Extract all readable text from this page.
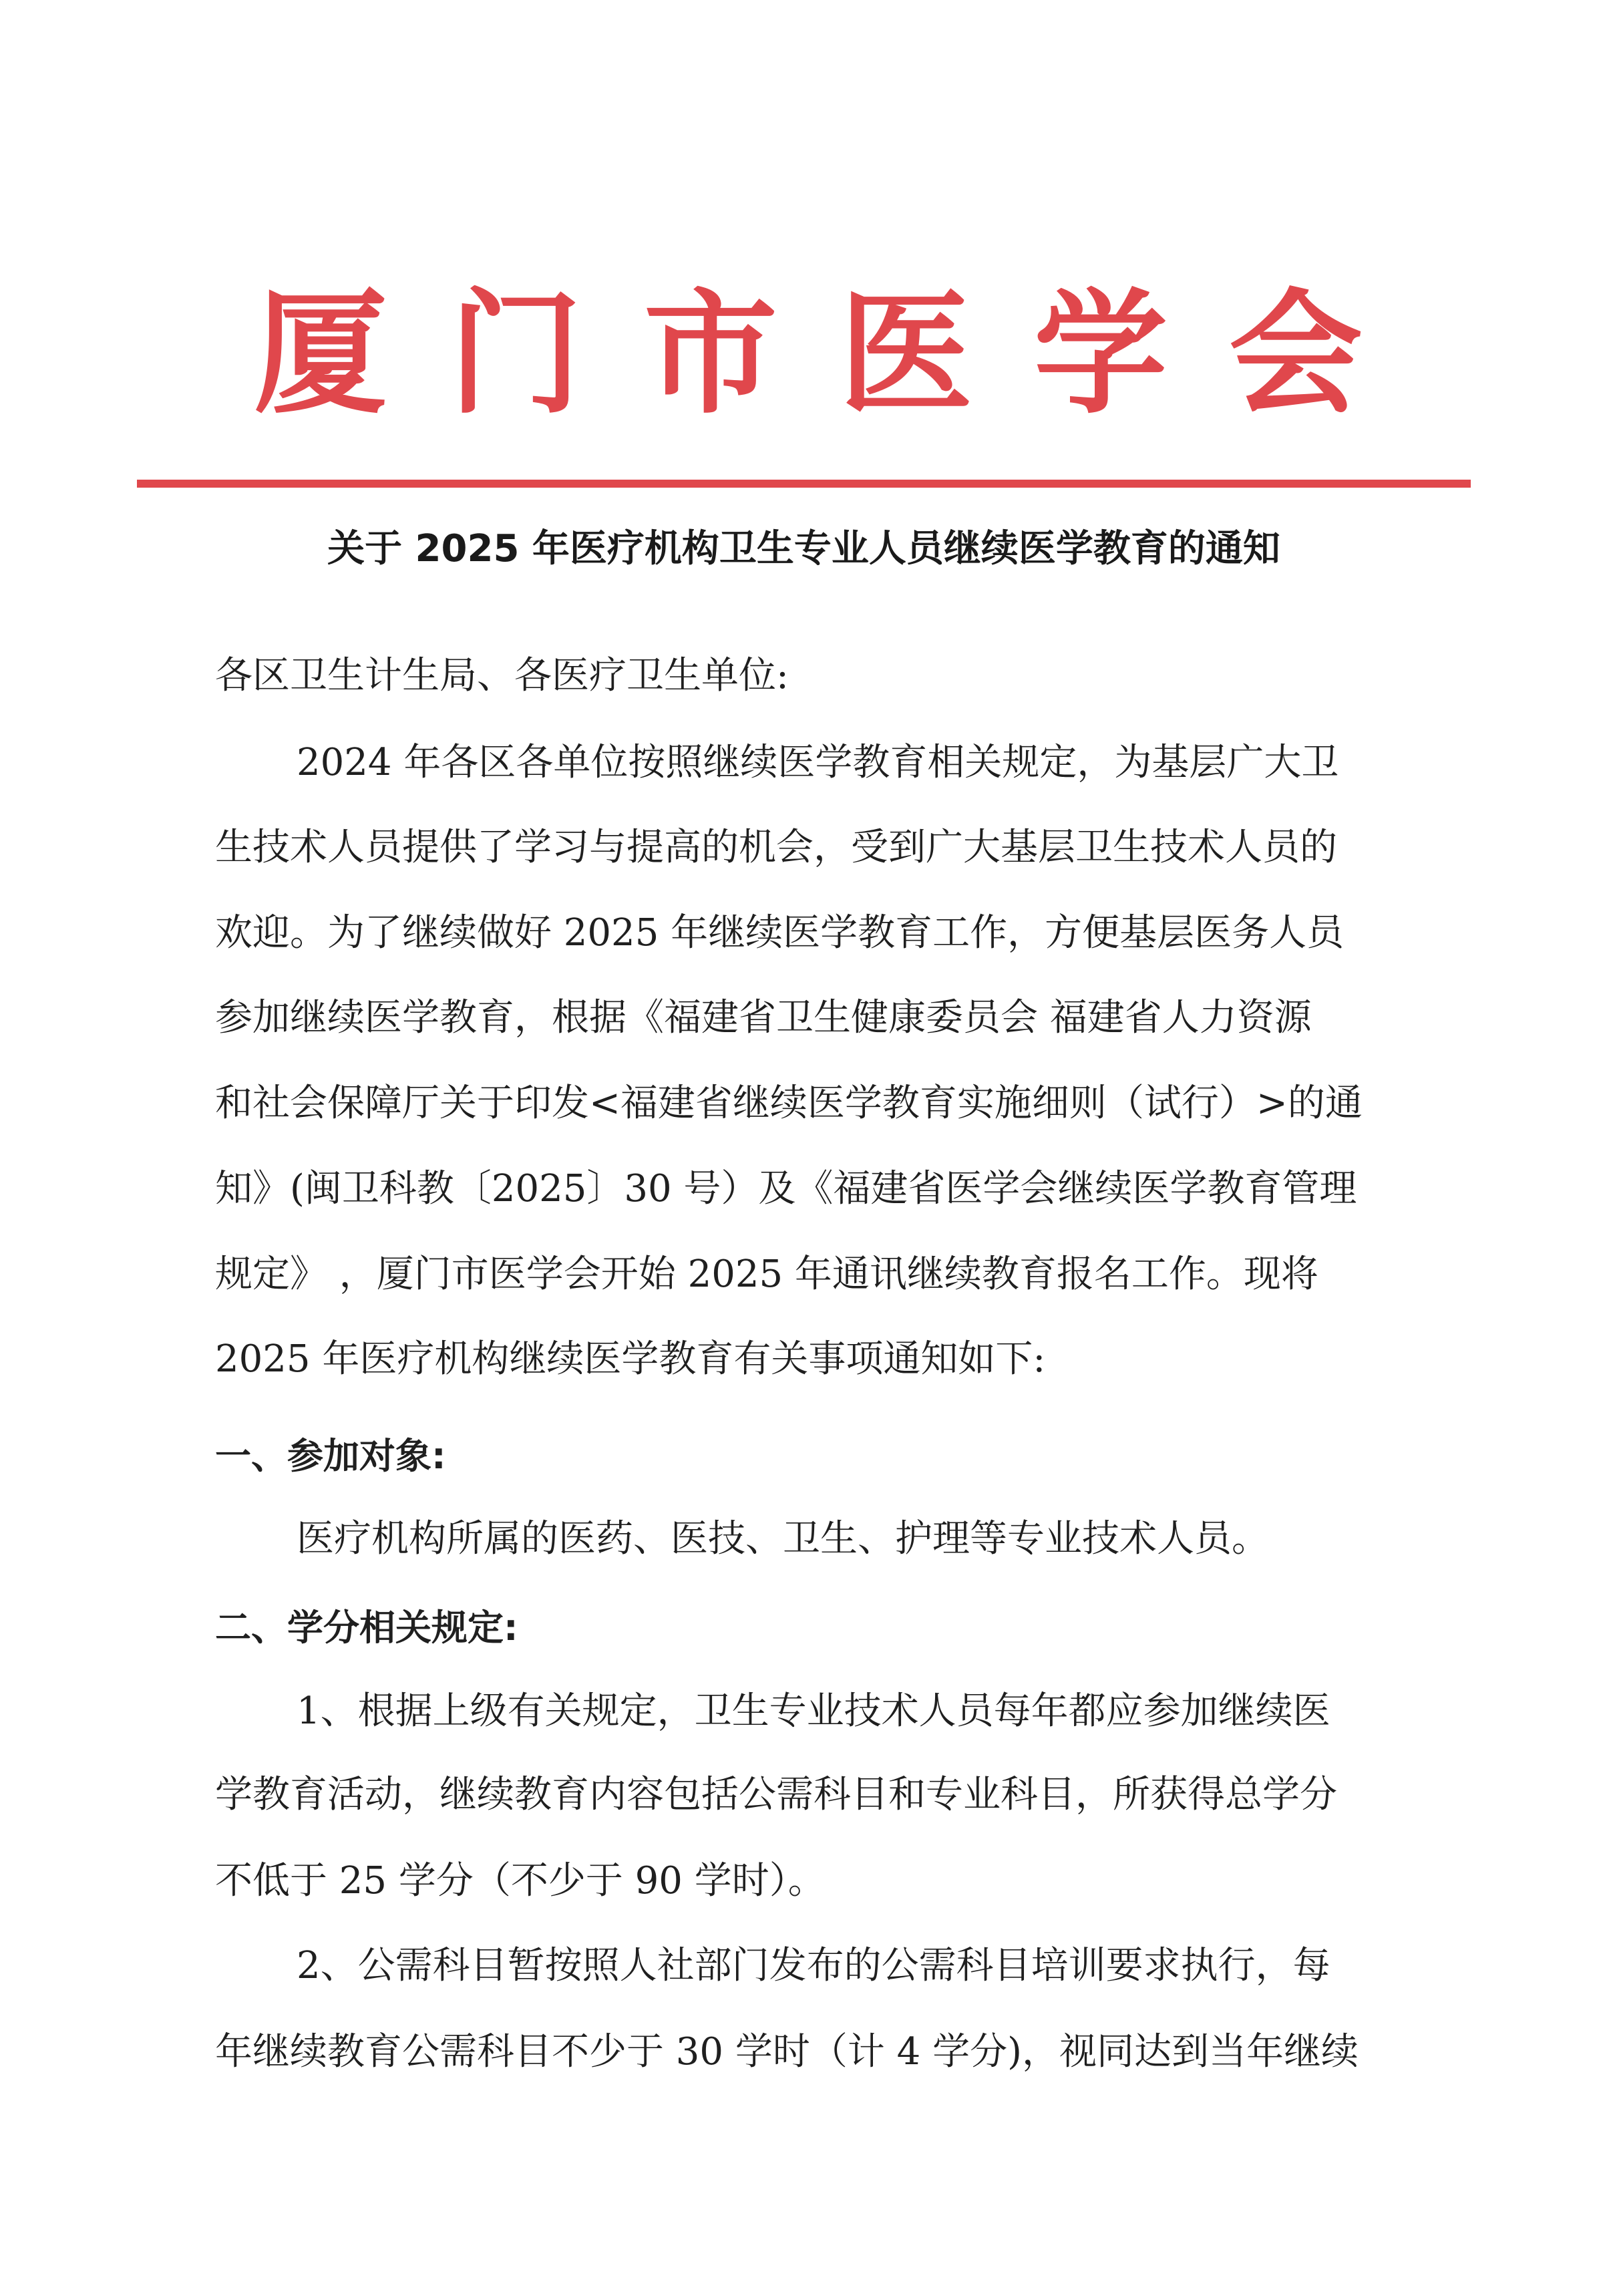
厦 门 市 医 学 会
关于 2025 年医疗机构卫生专业人员继续医学教育的通知
各区卫生计生局、各医疗卫生单位:
2024 年各区各单位按照继续医学教育相关规定，为基层广大卫
生技术人员提供了学习与提高的机会，受到广大基层卫生技术人员的
欢迎。为了继续做好 2025 年继续医学教育工作，方便基层医务人员
参加继续医学教育，根据《福建省卫生健康委员会 福建省人力资源
和社会保障厅关于印发<福建省继续医学教育实施细则（试行）>的通
知》(闽卫科教〔2025〕30 号）及《福建省医学会继续医学教育管理
规定》 ，厦门市医学会开始 2025 年通讯继续教育报名工作。现将
2025 年医疗机构继续医学教育有关事项通知如下:
一、参加对象:
医疗机构所属的医药、医技、卫生、护理等专业技术人员。
二、学分相关规定:
1、根据上级有关规定，卫生专业技术人员每年都应参加继续医
学教育活动，继续教育内容包括公需科目和专业科目，所获得总学分
不低于 25 学分（不少于 90 学时）。
2、公需科目暂按照人社部门发布的公需科目培训要求执行，每
年继续教育公需科目不少于 30 学时（计 4 学分)，视同达到当年继续
